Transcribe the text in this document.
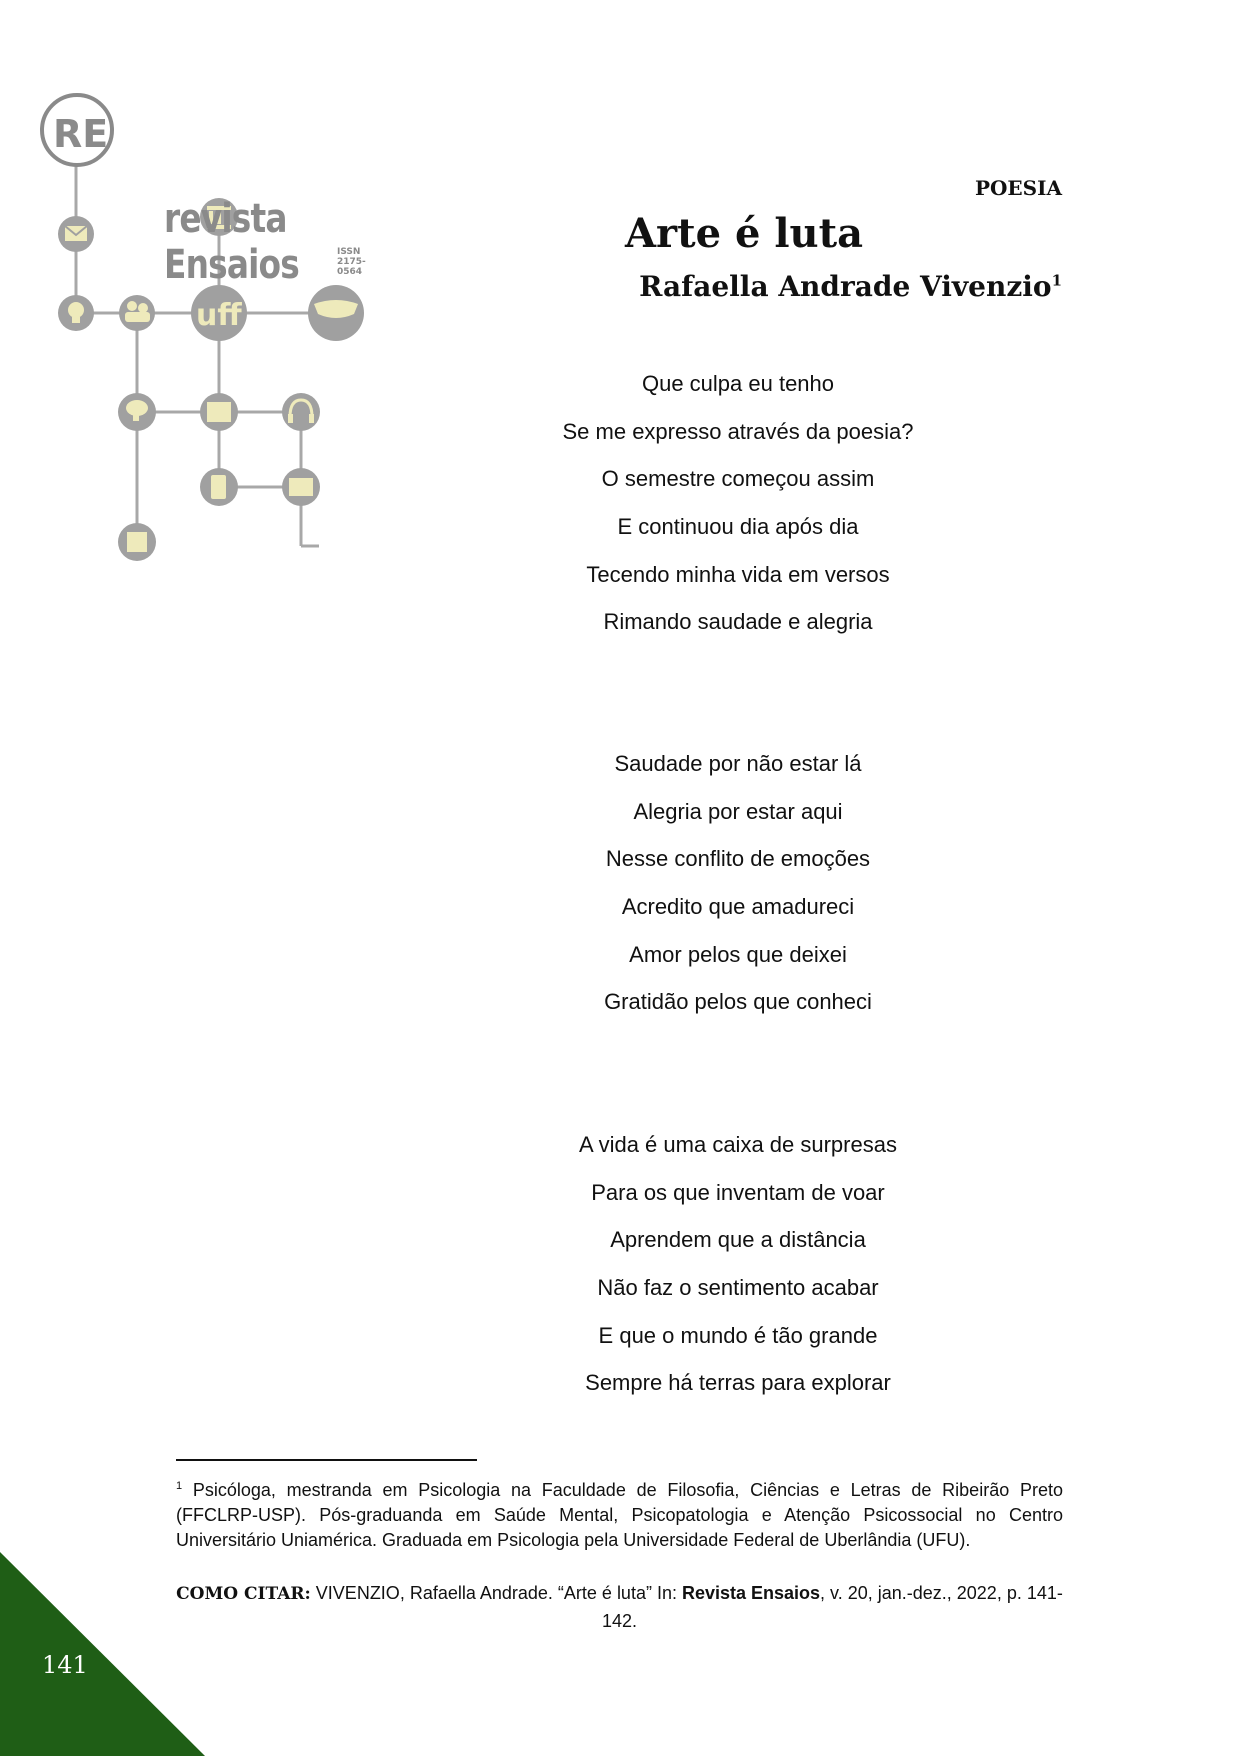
RE
uff
revista Ensaios	ISSN 2175-0564
POESIA
Arte é luta
Rafaella Andrade Vivenzio$^1$
Que culpa eu tenho
Se me expresso através da poesia?
O semestre começou assim
E continuou dia após dia
Tecendo minha vida em versos
Rimando saudade e alegria
Saudade por não estar lá
Alegria por estar aqui
Nesse conflito de emoções
Acredito que amadureci
Amor pelos que deixei
Gratidão pelos que conheci
A vida é uma caixa de surpresas
Para os que inventam de voar
Aprendem que a distância
Não faz o sentimento acabar
E que o mundo é tão grande
Sempre há terras para explorar
$^1$ Psicóloga, mestranda em Psicologia na Faculdade de Filosofia, Ciências e Letras de Ribeirão Preto (FFCLRP-USP). Pós-graduanda em Saúde Mental, Psicopatologia e Atenção Psicossocial no Centro Universitário Uniamérica. Graduada em Psicologia pela Universidade Federal de Uberlândia (UFU).
COMO CITAR: VIVENZIO, Rafaella Andrade. “Arte é luta” In: Revista Ensaios, v. 20, jan.-dez., 2022, p. 141-142.
141
